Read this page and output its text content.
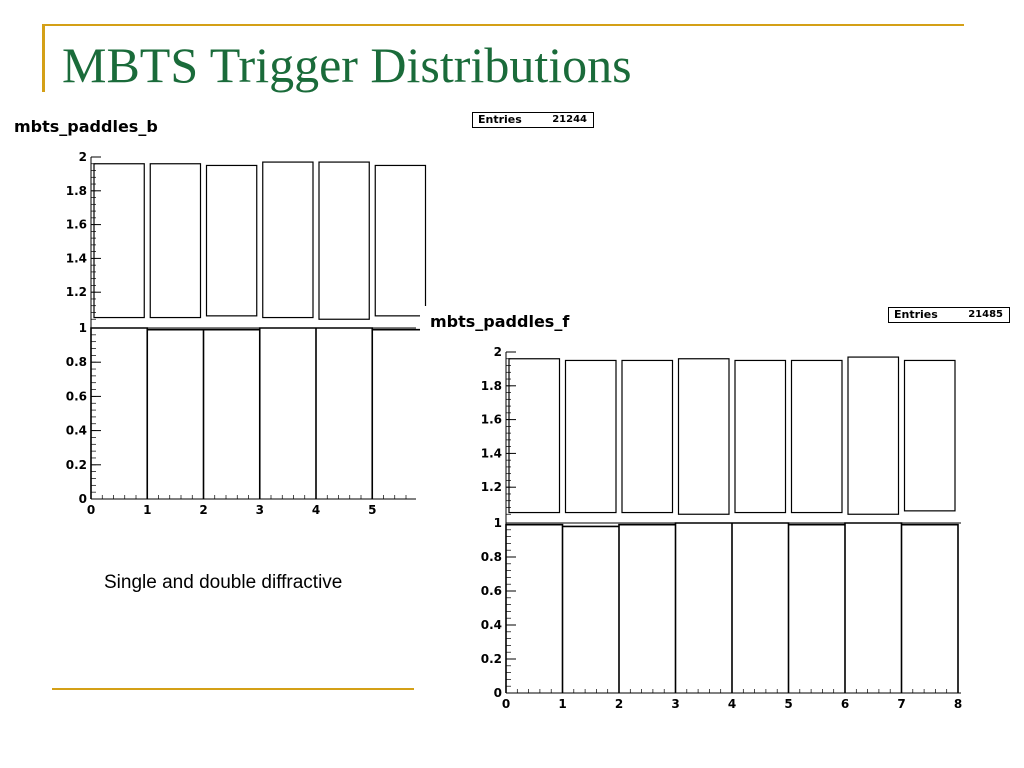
MBTS Trigger Distributions
mbts_paddles_b	Entries	21244
0
0.2
0.4
0.6
0.8
1
1.2
1.4
1.6
1.8
2
0	1	2	3	4	5
Single and double diffractive
0
0.2
0.4
0.6
0.8
1
1.2
1.4
1.6
1.8
2
0	1	2	3	4	5	6	7	8
mbts_paddles_f	Entries	21485
